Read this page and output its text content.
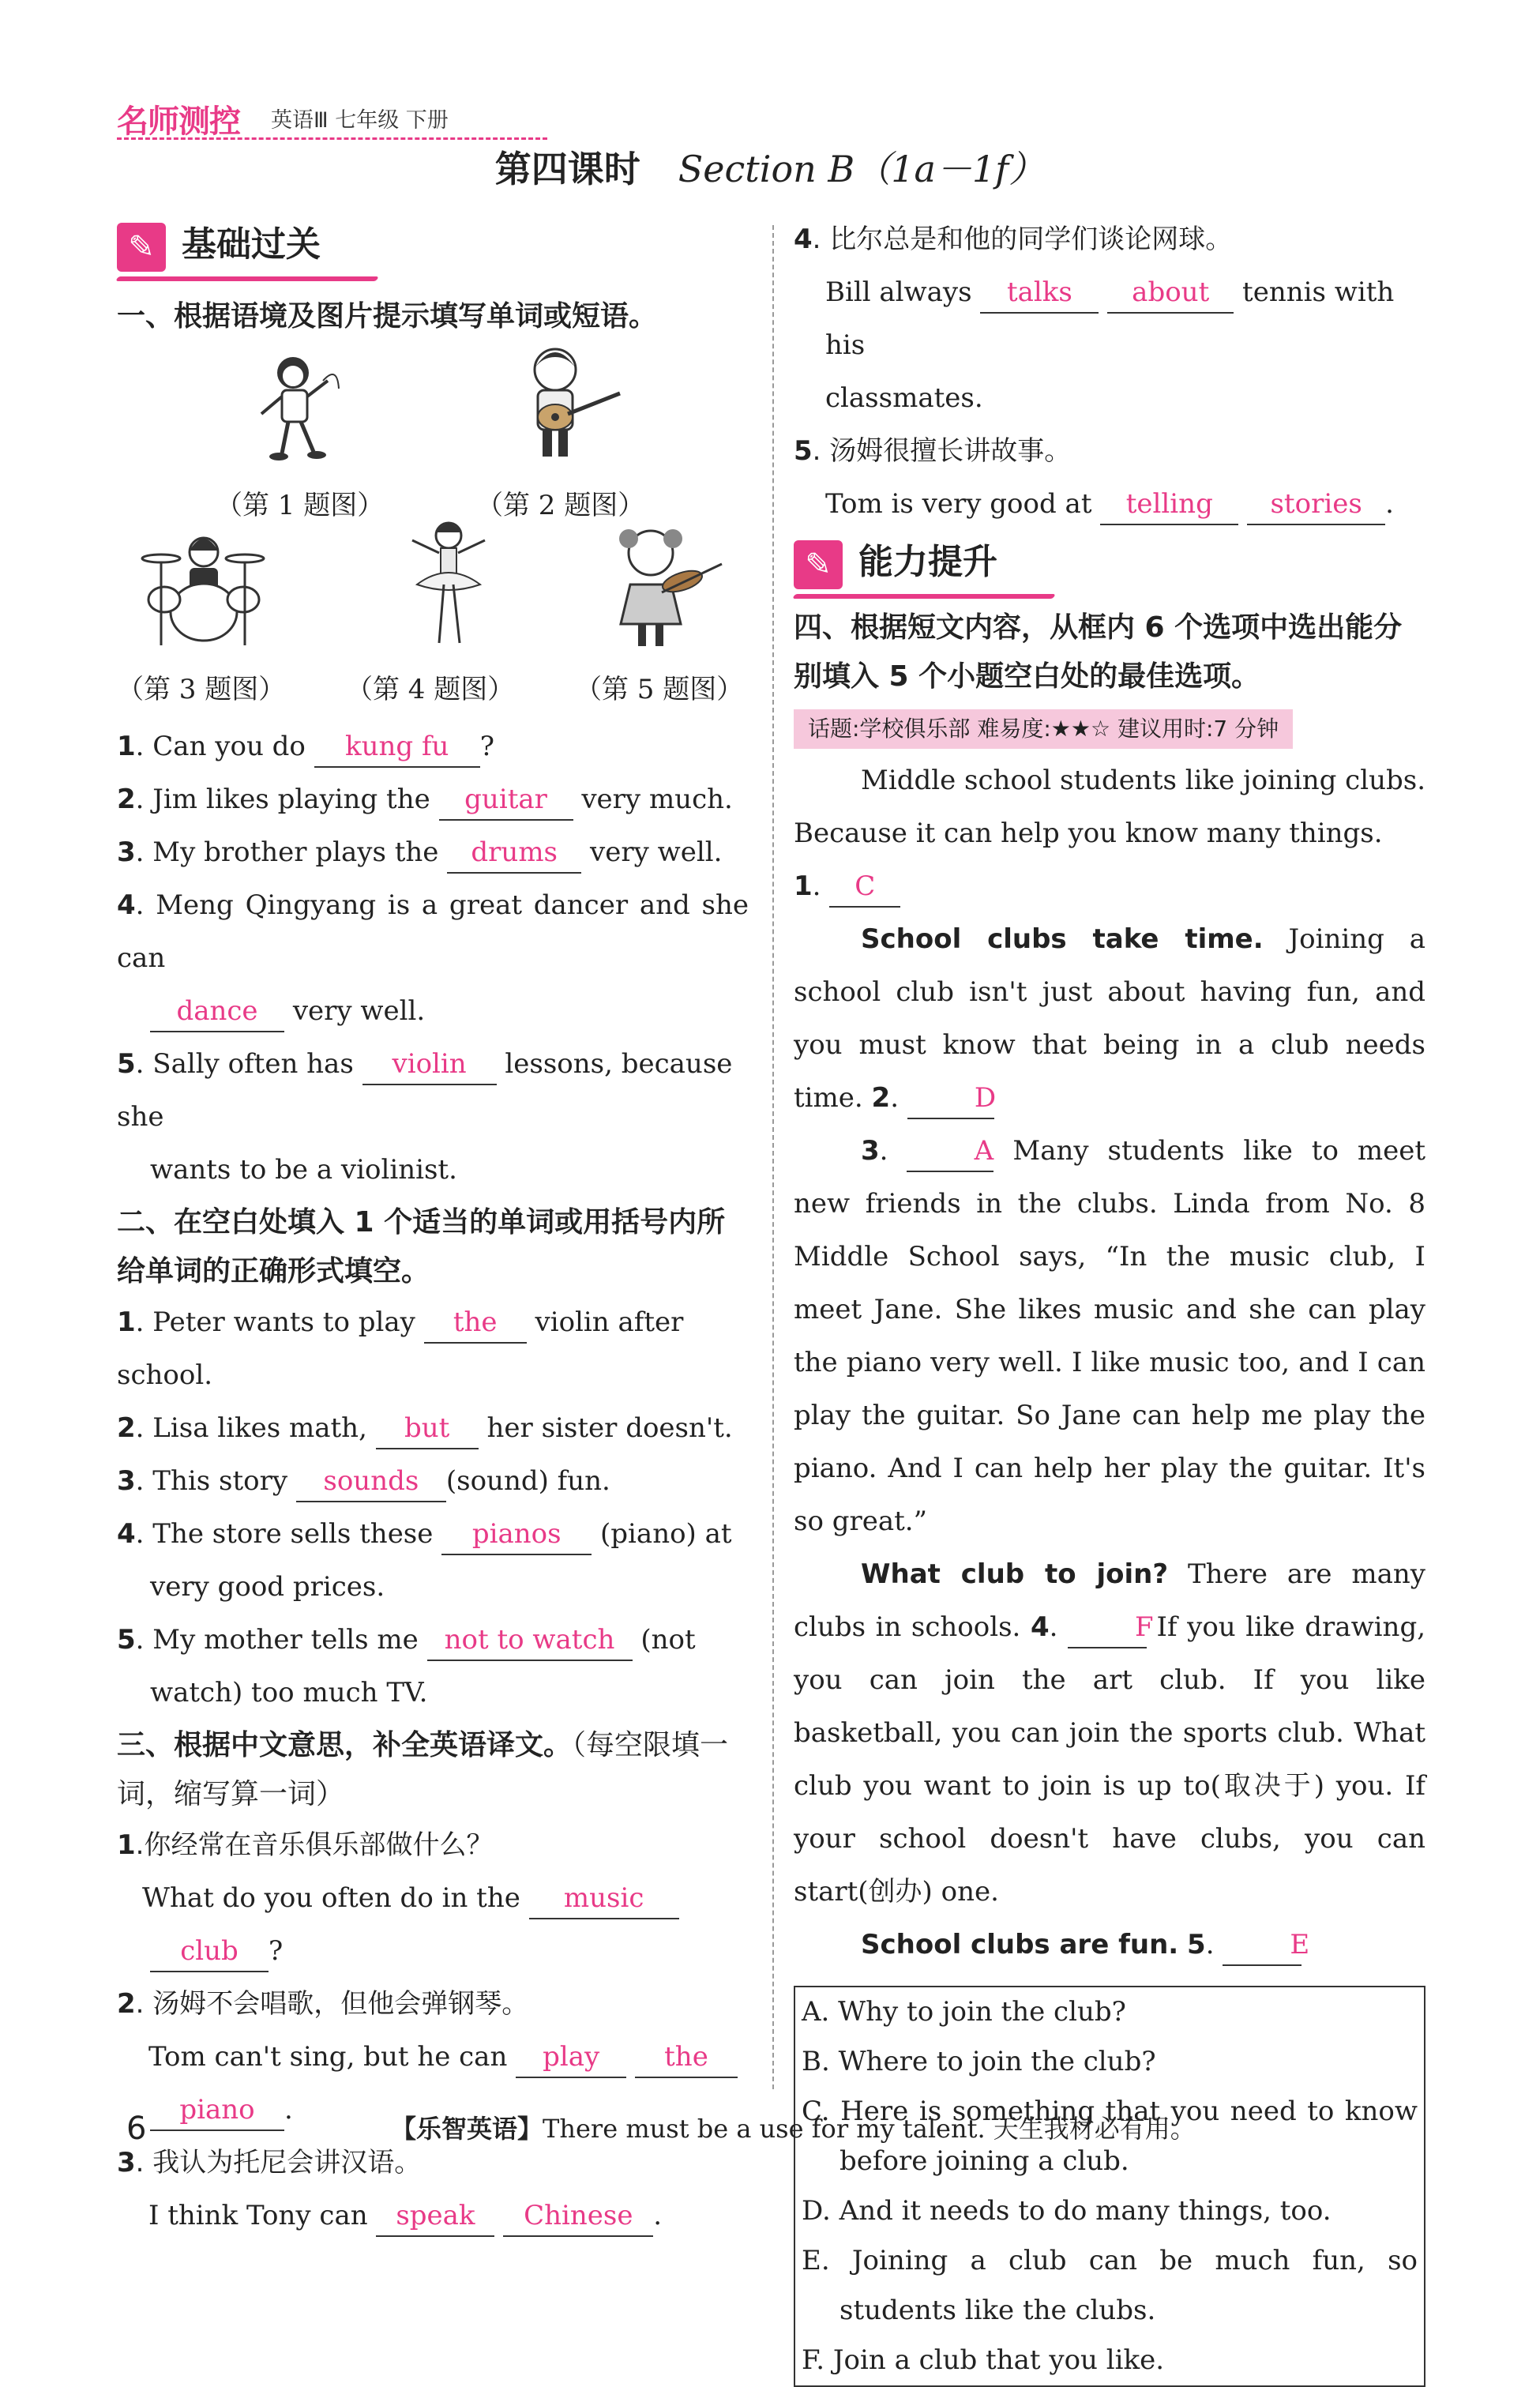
名师测控 英语Ⅲ 七年级 下册
第四课时 Section B（1a－1f）
✎ 基础过关
一、根据语境及图片提示填写单词或短语。
（第 1 题图）	（第 2 题图）
（第 3 题图） （第 4 题图） （第 5 题图）
1. Can you do kung fu ?
2. Jim likes playing the guitar very much.
3. My brother plays the drums very well.
4. Meng Qingyang is a great dancer and she can
dance very well.
5. Sally often has violin lessons, because she
wants to be a violinist.
二、在空白处填入 1 个适当的单词或用括号内所给单词的正确形式填空。
1. Peter wants to play the violin after school.
2. Lisa likes math, but her sister doesn't.
3. This story sounds (sound) fun.
4. The store sells these pianos (piano) at
very good prices.
5. My mother tells me not to watch (not
watch) too much TV.
三、根据中文意思，补全英语译文。（每空限填一词，缩写算一词）
1.你经常在音乐俱乐部做什么？
What do you often do in the music
club ?
2. 汤姆不会唱歌，但他会弹钢琴。
Tom can't sing, but he can play the
piano .
3. 我认为托尼会讲汉语。
I think Tony can speak Chinese .
4. 比尔总是和他的同学们谈论网球。
Bill always talks about tennis with his
classmates.
5. 汤姆很擅长讲故事。
Tom is very good at telling stories .
✎ 能力提升
四、根据短文内容，从框内 6 个选项中选出能分别填入 5 个小题空白处的最佳选项。
话题:学校俱乐部 难易度:★★☆ 建议用时:7 分钟
Middle school students like joining clubs. Because it can help you know many things.
1. C
School clubs take time. Joining a school club isn't just about having fun, and you must know that being in a club needs time. 2.	D
3.	A Many students like to meet new friends in the clubs. Linda from No. 8 Middle School says, “In the music club, I meet Jane. She likes music and she can play the piano very well. I like music too, and I can play the guitar. So Jane can help me play the piano. And I can help her play the guitar. It's so great.”
What club to join? There are many clubs in schools. 4.	F If you like drawing, you can join the art club. If you like basketball, you can join the sports club. What club you want to join is up to(取决于) you. If your school doesn't have clubs, you can start(创办) one.
School clubs are fun. 5.	E
A. Why to join the club?
B. Where to join the club?
C. Here is something that you need to know before joining a club.
D. And it needs to do many things, too.
E. Joining a club can be much fun, so students like the clubs.
F. Join a club that you like.
6	【乐智英语】There must be a use for my talent. 天生我材必有用。
